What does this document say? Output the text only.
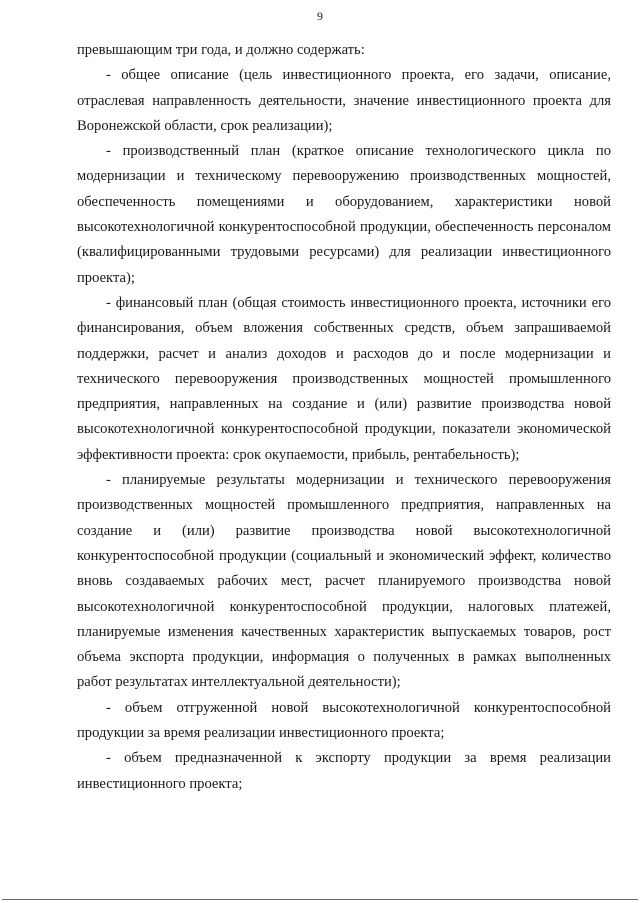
9

превышающим три года, и должно содержать:

- общее описание (цель инвестиционного проекта, его задачи, описание, отраслевая направленность деятельности, значение инвестиционного проекта для Воронежской области, срок реализации);

- производственный план (краткое описание технологического цикла по модернизации и техническому перевооружению производственных мощностей, обеспеченность помещениями и оборудованием, характеристики новой высокотехнологичной конкурентоспособной продукции, обеспеченность персоналом (квалифицированными трудовыми ресурсами) для реализации инвестиционного проекта);

- финансовый план (общая стоимость инвестиционного проекта, источники его финансирования, объем вложения собственных средств, объем запрашиваемой поддержки, расчет и анализ доходов и расходов до и после модернизации и технического перевооружения производственных мощностей промышленного предприятия, направленных на создание и (или) развитие производства новой высокотехнологичной конкурентоспособной продукции, показатели экономической эффективности проекта: срок окупаемости, прибыль, рентабельность);

- планируемые результаты модернизации и технического перевооружения производственных мощностей промышленного предприятия, направленных на создание и (или) развитие производства новой высокотехнологичной конкурентоспособной продукции (социальный и экономический эффект, количество вновь создаваемых рабочих мест, расчет планируемого производства новой высокотехнологичной конкурентоспособной продукции, налоговых платежей, планируемые изменения качественных характеристик выпускаемых товаров, рост объема экспорта продукции, информация о полученных в рамках выполненных работ результатах интеллектуальной деятельности);

- объем отгруженной новой высокотехнологичной конкурентоспособной продукции за время реализации инвестиционного проекта;

- объем предназначенной к экспорту продукции за время реализации инвестиционного проекта;
